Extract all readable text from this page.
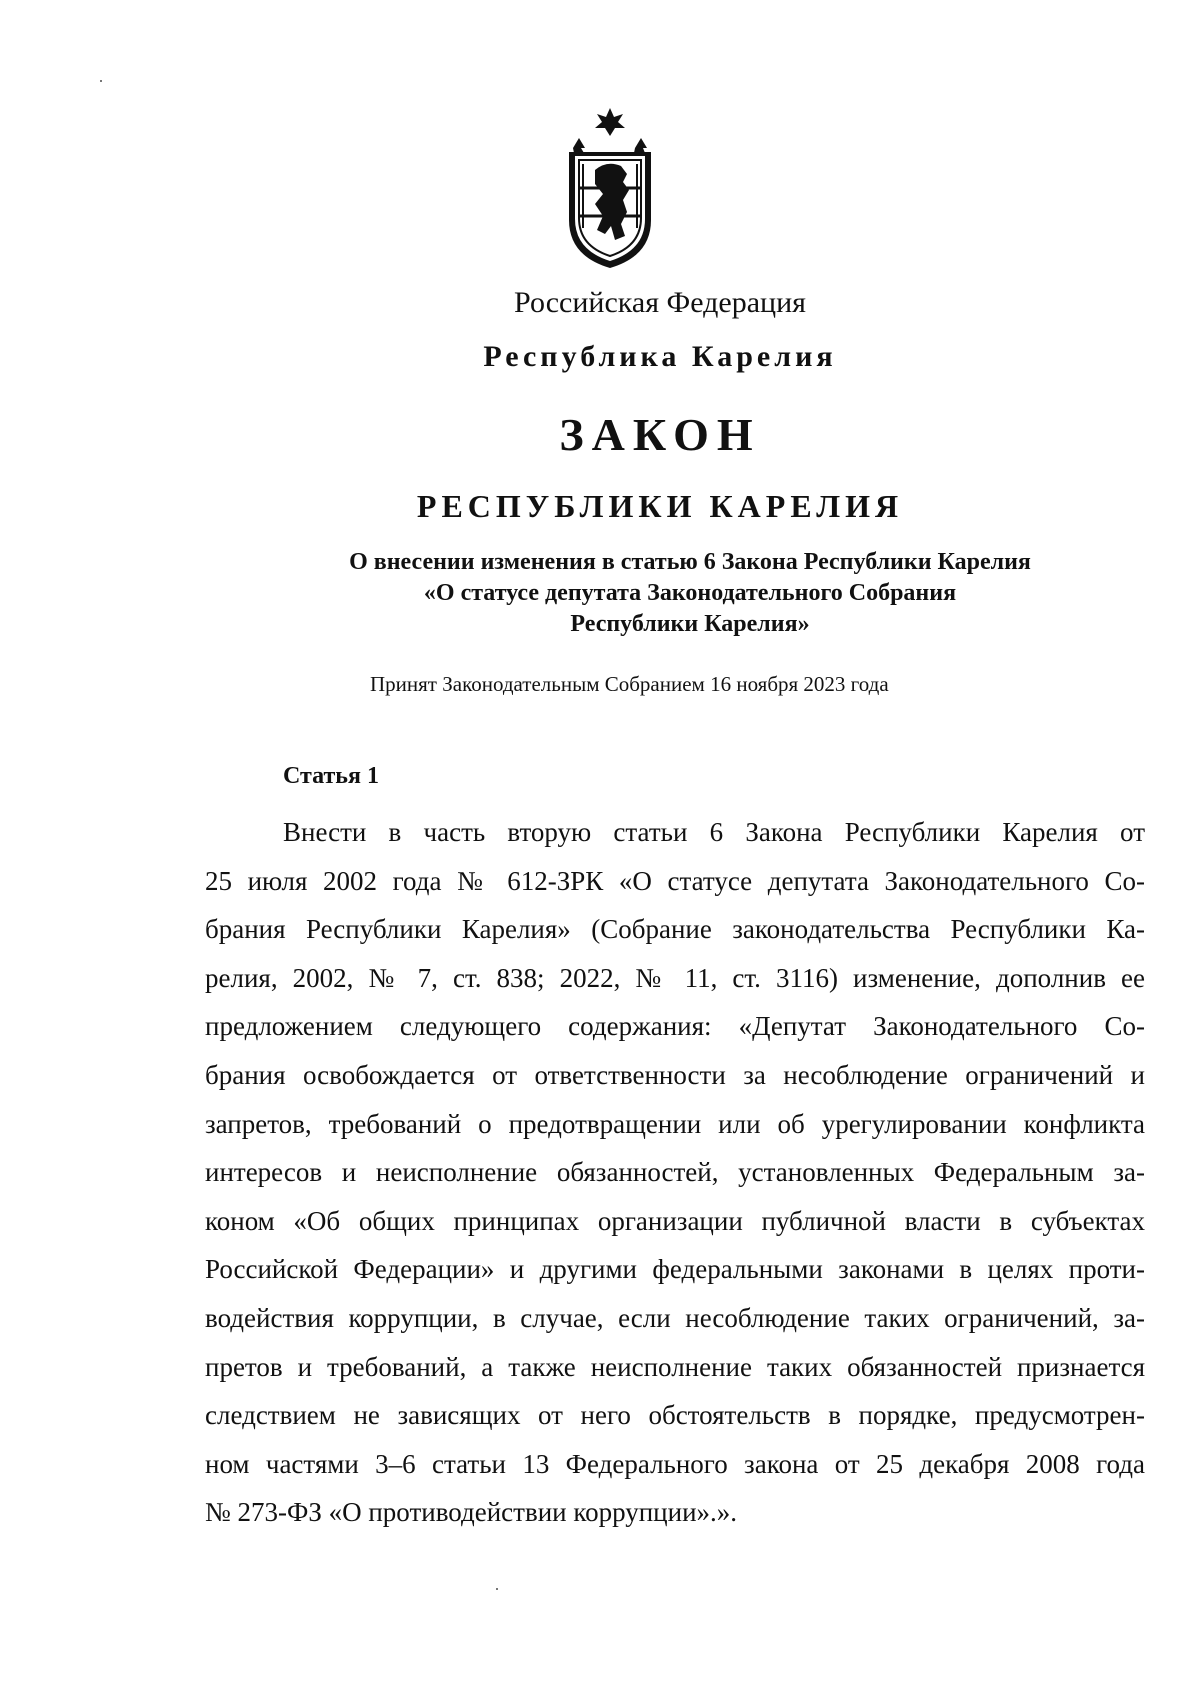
Российская Федерация
Республика Карелия
ЗАКОН
РЕСПУБЛИКИ КАРЕЛИЯ
О внесении изменения в статью 6 Закона Республики Карелия
«О статусе депутата Законодательного Собрания
Республики Карелия»
Принят Законодательным Собранием 16 ноября 2023 года
Статья 1
Внести в часть вторую статьи 6 Закона Республики Карелия от
25 июля 2002 года № 612-ЗРК «О статусе депутата Законодательного Со-
брания Республики Карелия» (Собрание законодательства Республики Ка-
релия, 2002, № 7, ст. 838; 2022, № 11, ст. 3116) изменение, дополнив ее
предложением следующего содержания: «Депутат Законодательного Со-
брания освобождается от ответственности за несоблюдение ограничений и
запретов, требований о предотвращении или об урегулировании конфликта
интересов и неисполнение обязанностей, установленных Федеральным за-
коном «Об общих принципах организации публичной власти в субъектах
Российской Федерации» и другими федеральными законами в целях проти-
водействия коррупции, в случае, если несоблюдение таких ограничений, за-
претов и требований, а также неисполнение таких обязанностей признается
следствием не зависящих от него обстоятельств в порядке, предусмотрен-
ном частями 3–6 статьи 13 Федерального закона от 25 декабря 2008 года
№ 273-ФЗ «О противодействии коррупции».».
